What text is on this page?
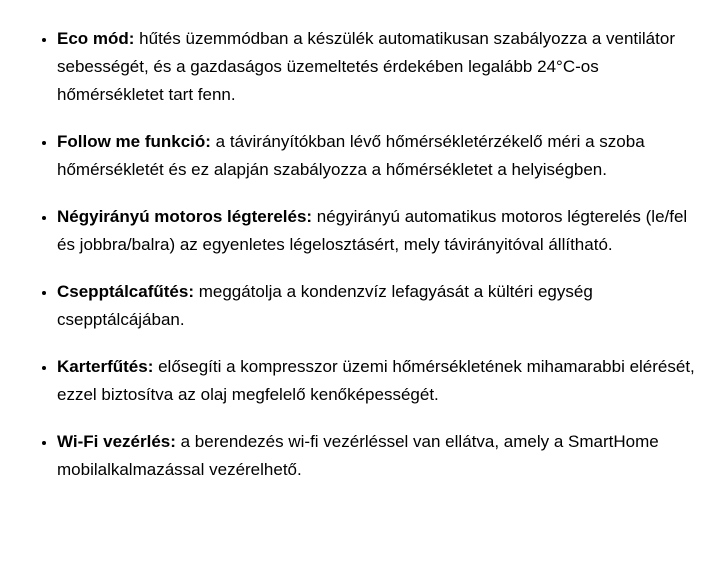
• Eco mód: hűtés üzemmódban a készülék automatikusan szabályozza a ventilátor sebességét, és a gazdaságos üzemeltetés érdekében legalább 24°C-os hőmérsékletet tart fenn.
• Follow me funkció: a távirányítókban lévő hőmérsékletérzékelő méri a szoba hőmérsékletét és ez alapján szabályozza a hőmérsékletet a helyiségben.
• Négyirányú motoros légterelés: négyirányú automatikus motoros légterelés (le/fel és jobbra/balra) az egyenletes légelosztásért, mely távirányitóval állítható.
• Csepptálcafűtés: meggátolja a kondenzvíz lefagyását a kültéri egység csepptálcájában.
• Karterfűtés: elősegíti a kompresszor üzemi hőmérsékletének mihamarabbi elérését, ezzel biztosítva az olaj megfelelő kenőképességét.
• Wi-Fi vezérlés: a berendezés wi-fi vezérléssel van ellátva, amely a SmartHome mobilalkalmazással vezérelhető.
